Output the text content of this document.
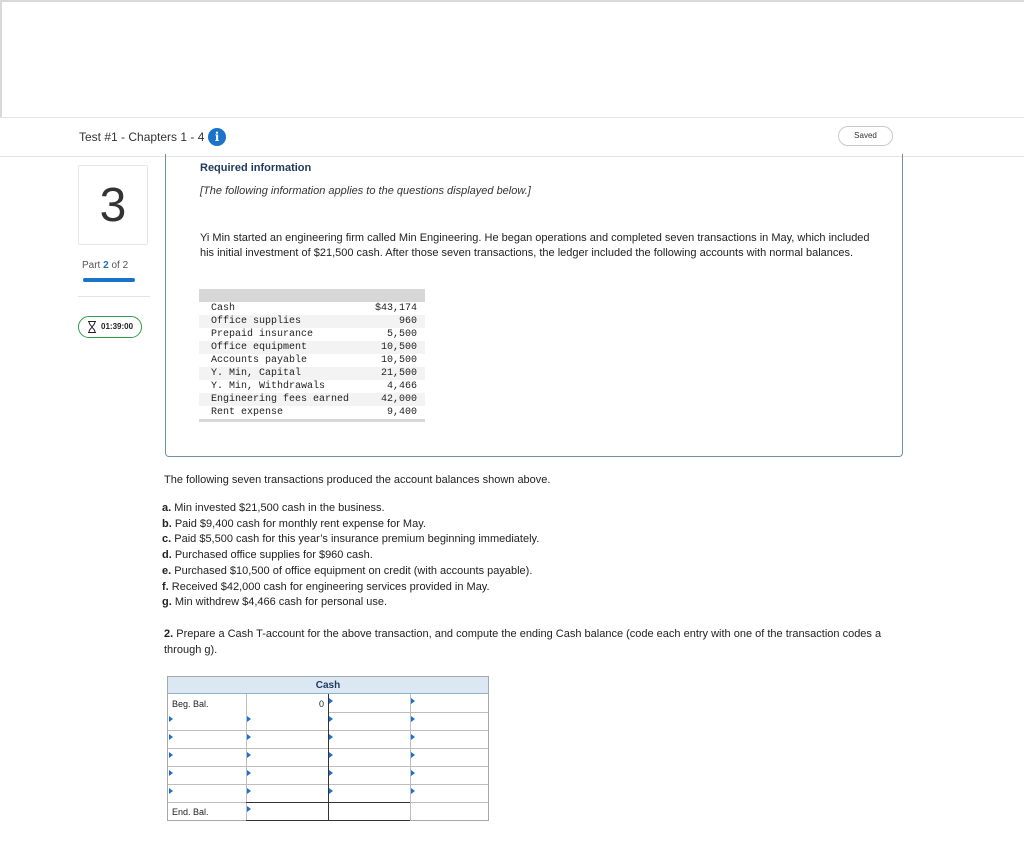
Test #1 - Chapters 1 - 4 i	Saved
3
Part 2 of 2
01:39:00
Required information
[The following information applies to the questions displayed below.]
Yi Min started an engineering firm called Min Engineering. He began operations and completed seven transactions in May, which included his initial investment of $21,500 cash. After those seven transactions, the ledger included the following accounts with normal balances.
Cash	$43,174
Office supplies	960
Prepaid insurance	5,500
Office equipment	10,500
Accounts payable	10,500
Y. Min, Capital	21,500
Y. Min, Withdrawals	4,466
Engineering fees earned	42,000
Rent expense	9,400
The following seven transactions produced the account balances shown above.
a. Min invested $21,500 cash in the business.
b. Paid $9,400 cash for monthly rent expense for May.
c. Paid $5,500 cash for this year’s insurance premium beginning immediately.
d. Purchased office supplies for $960 cash.
e. Purchased $10,500 of office equipment on credit (with accounts payable).
f. Received $42,000 cash for engineering services provided in May.
g. Min withdrew $4,466 cash for personal use.
2. Prepare a Cash T-account for the above transaction, and compute the ending Cash balance (code each entry with one of the transaction codes a through g).
Cash
Beg. Bal.	0
End. Bal.
